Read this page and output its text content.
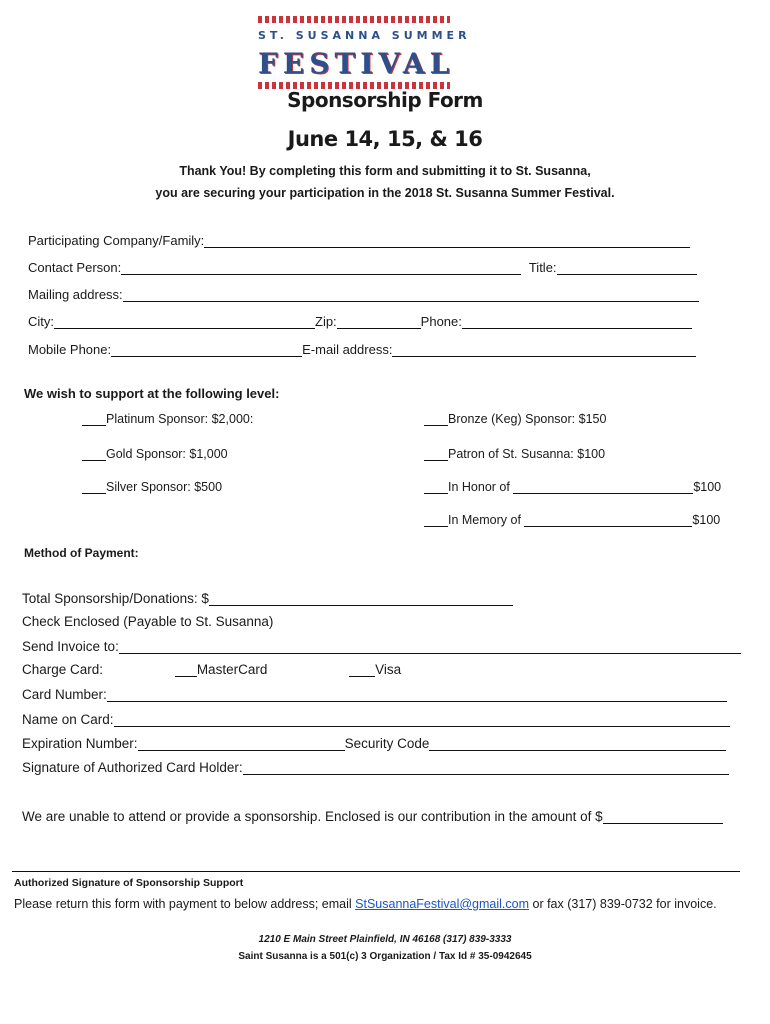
ST. SUSANNA SUMMER
FESTIVAL
Sponsorship Form
June 14, 15, & 16
Thank You! By completing this form and submitting it to St. Susanna,
you are securing your participation in the 2018 St. Susanna Summer Festival.
Participating Company/Family:
Contact Person:	Title:
Mailing address:
City:	Zip:	Phone:
Mobile Phone:	E-mail address:
We wish to support at the following level:
Platinum Sponsor: $2,000:
Gold Sponsor: $1,000
Silver Sponsor: $500
Bronze (Keg) Sponsor: $150
Patron of St. Susanna: $100
In Honor of	$100
In Memory of	$100
Method of Payment:
Total Sponsorship/Donations: $
Check Enclosed (Payable to St. Susanna)
Send Invoice to:
Charge Card:	MasterCard	Visa
Card Number:
Name on Card:
Expiration Number:	Security Code
Signature of Authorized Card Holder:
We are unable to attend or provide a sponsorship. Enclosed is our contribution in the amount of $
Authorized Signature of Sponsorship Support
Please return this form with payment to below address; email StSusannaFestival@gmail.com or fax (317) 839-0732 for invoice.
1210 E Main Street Plainfield, IN 46168 (317) 839-3333
Saint Susanna is a 501(c) 3 Organization / Tax Id # 35-0942645
